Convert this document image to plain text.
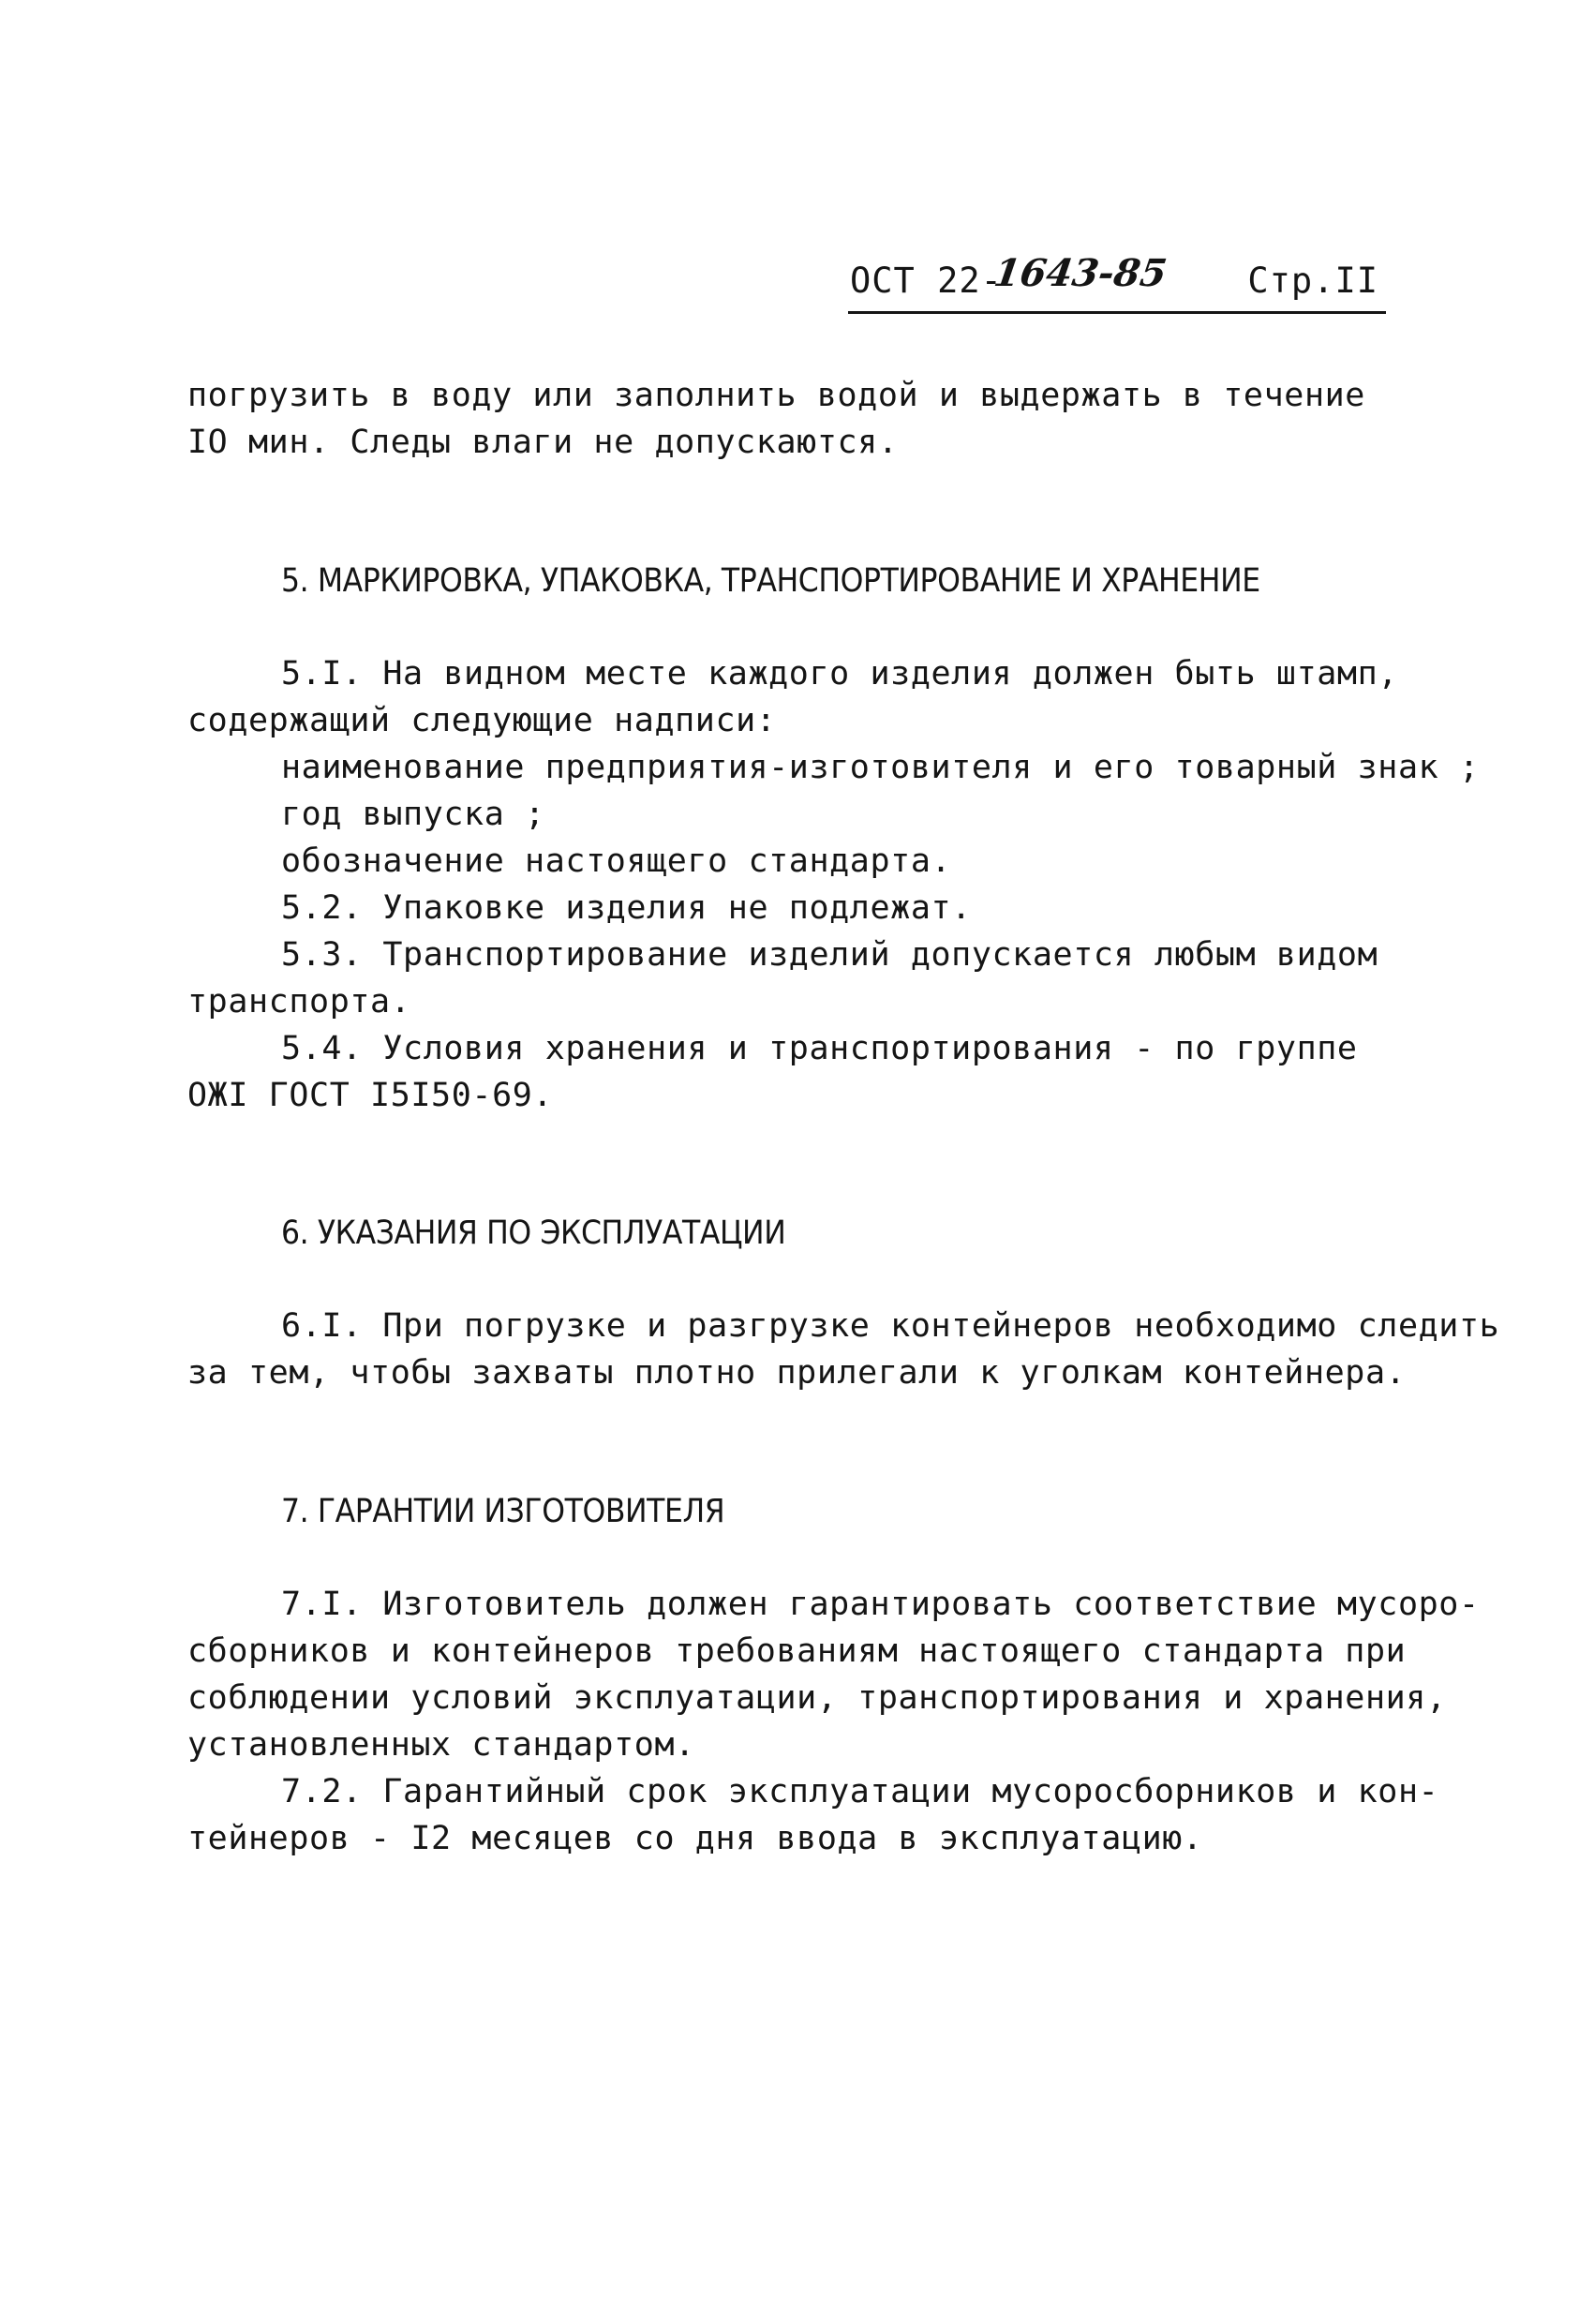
ОСТ 22-
1643-85 Стр.II
погрузить в воду или заполнить водой и выдержать в течение
IO мин. Следы влаги не допускаются.
5. МАРКИРОВКА, УПАКОВКА, ТРАНСПОРТИРОВАНИЕ И ХРАНЕНИЕ
5.I. На видном месте каждого изделия должен быть штамп,
содержащий следующие надписи:
наименование предприятия-изготовителя и его товарный знак ;
год выпуска ;
обозначение настоящего стандарта.
5.2. Упаковке изделия не подлежат.
5.3. Транспортирование изделий допускается любым видом
транспорта.
5.4. Условия хранения и транспортирования - по группе
ОЖI ГОСТ I5I50-69.
6. УКАЗАНИЯ ПО ЭКСПЛУАТАЦИИ
6.I. При погрузке и разгрузке контейнеров необходимо следить
за тем, чтобы захваты плотно прилегали к уголкам контейнера.
7. ГАРАНТИИ ИЗГОТОВИТЕЛЯ
7.I. Изготовитель должен гарантировать соответствие мусоро-
сборников и контейнеров требованиям настоящего стандарта при
соблюдении условий эксплуатации, транспортирования и хранения,
установленных стандартом.
7.2. Гарантийный срок эксплуатации мусоросборников и кон-
тейнеров - I2 месяцев со дня ввода в эксплуатацию.
